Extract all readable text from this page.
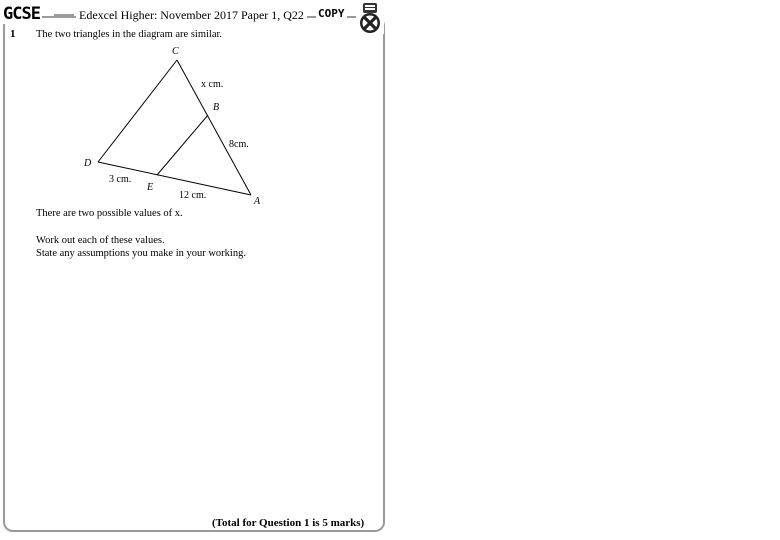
GCSE	Edexcel Higher: November 2017 Paper 1, Q22 COPY
1 The two triangles in the diagram are similar.
C
B
D
E
A
x cm.
8cm.
3 cm.
12 cm.
There are two possible values of x.
Work out each of these values.
State any assumptions you make in your working.
(Total for Question 1 is 5 marks)
